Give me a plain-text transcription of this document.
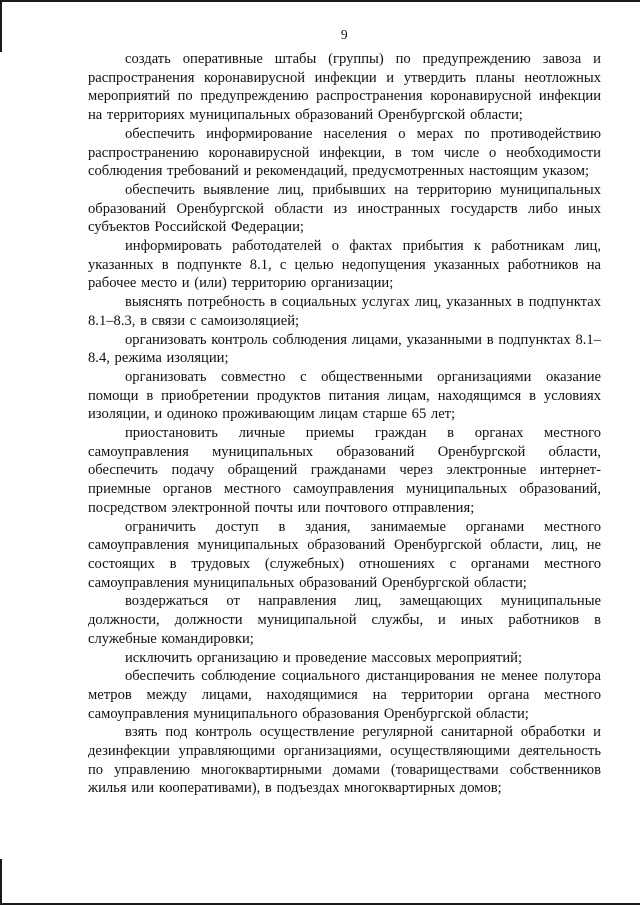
9

создать оперативные штабы (группы) по предупреждению завоза и распространения коронавирусной инфекции и утвердить планы неотложных мероприятий по предупреждению распространения коронавирусной инфекции на территориях муниципальных образований Оренбургской области;

обеспечить информирование населения о мерах по противодействию распространению коронавирусной инфекции, в том числе о необходимости соблюдения требований и рекомендаций, предусмотренных настоящим указом;

обеспечить выявление лиц, прибывших на территорию муниципальных образований Оренбургской области из иностранных государств либо иных субъектов Российской Федерации;

информировать работодателей о фактах прибытия к работникам лиц, указанных в подпункте 8.1, с целью недопущения указанных работников на рабочее место и (или) территорию организации;

выяснять потребность в социальных услугах лиц, указанных в подпунктах 8.1–8.3, в связи с самоизоляцией;

организовать контроль соблюдения лицами, указанными в подпунктах 8.1–8.4, режима изоляции;

организовать совместно с общественными организациями оказание помощи в приобретении продуктов питания лицам, находящимся в условиях изоляции, и одиноко проживающим лицам старше 65 лет;

приостановить личные приемы граждан в органах местного самоуправления муниципальных образований Оренбургской области, обеспечить подачу обращений гражданами через электронные интернет-приемные органов местного самоуправления муниципальных образований, посредством электронной почты или почтового отправления;

ограничить доступ в здания, занимаемые органами местного самоуправления муниципальных образований Оренбургской области, лиц, не состоящих в трудовых (служебных) отношениях с органами местного самоуправления муниципальных образований Оренбургской области;

воздержаться от направления лиц, замещающих муниципальные должности, должности муниципальной службы, и иных работников в служебные командировки;

исключить организацию и проведение массовых мероприятий;

обеспечить соблюдение социального дистанцирования не менее полутора метров между лицами, находящимися на территории органа местного самоуправления муниципального образования Оренбургской области;

взять под контроль осуществление регулярной санитарной обработки и дезинфекции управляющими организациями, осуществляющими деятельность по управлению многоквартирными домами (товариществами собственников жилья или кооперативами), в подъездах многоквартирных домов;
